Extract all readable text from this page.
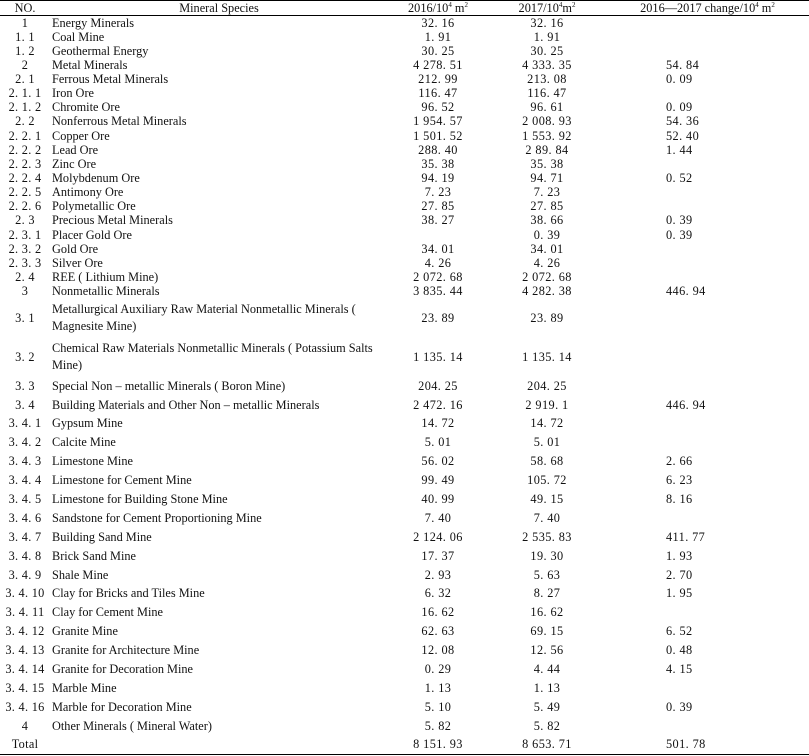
NO.	Mineral Species	$2016/10^4$ $m^2$	$2017/10^4m^2$	2016—2017 change/$10^4$ $m^2$
1	Energy Minerals	32. 16	32. 16	
1. 1	Coal Mine	1. 91	1. 91	
1. 2	Geothermal Energy	30. 25	30. 25	
2	Metal Minerals	4 278. 51	4 333. 35	54. 84
2. 1	Ferrous Metal Minerals	212. 99	213. 08	0. 09
2. 1. 1	Iron Ore	116. 47	116. 47	
2. 1. 2	Chromite Ore	96. 52	96. 61	0. 09
2. 2	Nonferrous Metal Minerals	1 954. 57	2 008. 93	54. 36
2. 2. 1	Copper Ore	1 501. 52	1 553. 92	52. 40
2. 2. 2	Lead Ore	288. 40	2 89. 84	1. 44
2. 2. 3	Zinc Ore	35. 38	35. 38	
2. 2. 4	Molybdenum Ore	94. 19	94. 71	0. 52
2. 2. 5	Antimony Ore	7. 23	7. 23	
2. 2. 6	Polymetallic Ore	27. 85	27. 85	
2. 3	Precious Metal Minerals	38. 27	38. 66	0. 39
2. 3. 1	Placer Gold Ore		0. 39	0. 39
2. 3. 2	Gold Ore	34. 01	34. 01	
2. 3. 3	Silver Ore	4. 26	4. 26	
2. 4	REE ( Lithium Mine)	2 072. 68	2 072. 68	
3	Nonmetallic Minerals	3 835. 44	4 282. 38	446. 94
3. 1	Metallurgical Auxiliary Raw Material Nonmetallic Minerals ( Magnesite Mine)	23. 89	23. 89	
3. 2	Chemical Raw Materials Nonmetallic Minerals ( Potassium Salts Mine)	1 135. 14	1 135. 14	
3. 3	Special Non – metallic Minerals ( Boron Mine)	204. 25	204. 25	
3. 4	Building Materials and Other Non – metallic Minerals	2 472. 16	2 919. 1	446. 94
3. 4. 1	Gypsum Mine	14. 72	14. 72	
3. 4. 2	Calcite Mine	5. 01	5. 01	
3. 4. 3	Limestone Mine	56. 02	58. 68	2. 66
3. 4. 4	Limestone for Cement Mine	99. 49	105. 72	6. 23
3. 4. 5	Limestone for Building Stone Mine	40. 99	49. 15	8. 16
3. 4. 6	Sandstone for Cement Proportioning Mine	7. 40	7. 40	
3. 4. 7	Building Sand Mine	2 124. 06	2 535. 83	411. 77
3. 4. 8	Brick Sand Mine	17. 37	19. 30	1. 93
3. 4. 9	Shale Mine	2. 93	5. 63	2. 70
3. 4. 10	Clay for Bricks and Tiles Mine	6. 32	8. 27	1. 95
3. 4. 11	Clay for Cement Mine	16. 62	16. 62	
3. 4. 12	Granite Mine	62. 63	69. 15	6. 52
3. 4. 13	Granite for Architecture Mine	12. 08	12. 56	0. 48
3. 4. 14	Granite for Decoration Mine	0. 29	4. 44	4. 15
3. 4. 15	Marble Mine	1. 13	1. 13	
3. 4. 16	Marble for Decoration Mine	5. 10	5. 49	0. 39
4	Other Minerals ( Mineral Water)	5. 82	5. 82	
Total		8 151. 93	8 653. 71	501. 78
